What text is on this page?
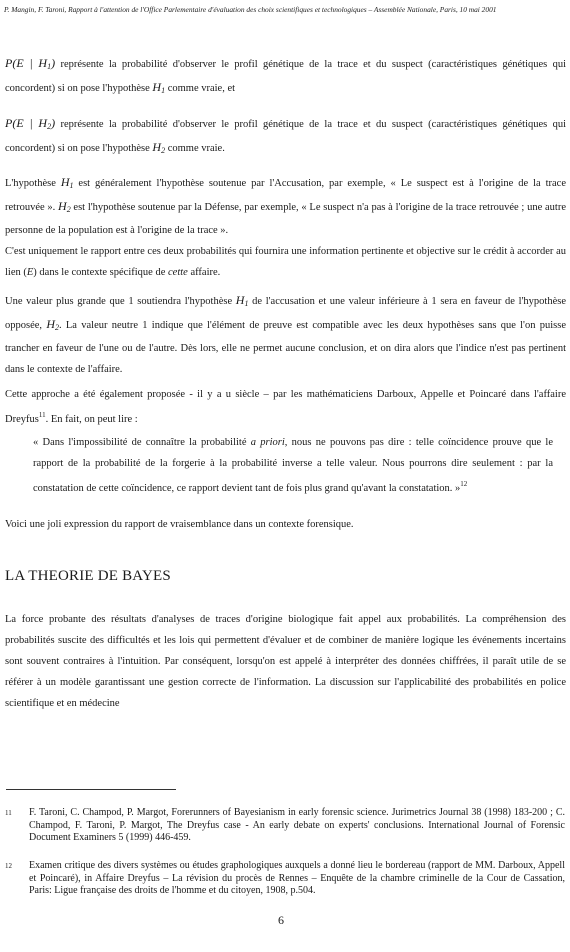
P. Mangin, F. Taroni, Rapport à l'attention de l'Office Parlementaire d'évaluation des choix scientifiques et technologiques – Assemblée Nationale, Paris, 10 mai 2001

P(E | $H_1$) représente la probabilité d'observer le profil génétique de la trace et du suspect (caractéristiques génétiques qui concordent) si on pose l'hypothèse $H_1$ comme vraie, et

P(E | $H_2$) représente la probabilité d'observer le profil génétique de la trace et du suspect (caractéristiques génétiques qui concordent) si on pose l'hypothèse $H_2$ comme vraie.

L'hypothèse $H_1$ est généralement l'hypothèse soutenue par l'Accusation, par exemple, « Le suspect est à l'origine de la trace retrouvée ». $H_2$ est l'hypothèse soutenue par la Défense, par exemple, « Le suspect n'a pas à l'origine de la trace retrouvée ; une autre personne de la population est à l'origine de la trace ».

C'est uniquement le rapport entre ces deux probabilités qui fournira une information pertinente et objective sur le crédit à accorder au lien (E) dans le contexte spécifique de cette affaire.

Une valeur plus grande que 1 soutiendra l'hypothèse $H_1$ de l'accusation et une valeur inférieure à 1 sera en faveur de l'hypothèse opposée, $H_2$. La valeur neutre 1 indique que l'élément de preuve est compatible avec les deux hypothèses sans que l'on puisse trancher en faveur de l'une ou de l'autre. Dès lors, elle ne permet aucune conclusion, et on dira alors que l'indice n'est pas pertinent dans le contexte de l'affaire.

Cette approche a été également proposée - il y a u siècle – par les mathématiciens Darboux, Appelle et Poincaré dans l'affaire Dreyfus$^{11}$. En fait, on peut lire :

« Dans l'impossibilité de connaître la probabilité a priori, nous ne pouvons pas dire : telle coïncidence prouve que le rapport de la probabilité de la forgerie à la probabilité inverse a telle valeur. Nous pourrons dire seulement : par la constatation de cette coïncidence, ce rapport devient tant de fois plus grand qu'avant la constatation. »$^{12}$

Voici une joli expression du rapport de vraisemblance dans un contexte forensique.

LA THEORIE DE BAYES

La force probante des résultats d'analyses de traces d'origine biologique fait appel aux probabilités. La compréhension des probabilités suscite des difficultés et les lois qui permettent d'évaluer et de combiner de manière logique les événements incertains sont souvent contraires à l'intuition. Par conséquent, lorsqu'on est appelé à interpréter des données chiffrées, il paraît utile de se référer à un modèle garantissant une gestion correcte de l'information. La discussion sur l'applicabilité des probabilités en police scientifique et en médecine

11 F. Taroni, C. Champod, P. Margot, Forerunners of Bayesianism in early forensic science. Jurimetrics Journal 38 (1998) 183-200 ; C. Champod, F. Taroni, P. Margot, The Dreyfus case - An early debate on experts' conclusions. International Journal of Forensic Document Examiners 5 (1999) 446-459.
12 Examen critique des divers systèmes ou études graphologiques auxquels a donné lieu le bordereau (rapport de MM. Darboux, Appell et Poincaré), in Affaire Dreyfus – La révision du procès de Rennes – Enquête de la chambre criminelle de la Cour de Cassation, Paris: Ligue française des droits de l'homme et du citoyen, 1908, p.504.
6
